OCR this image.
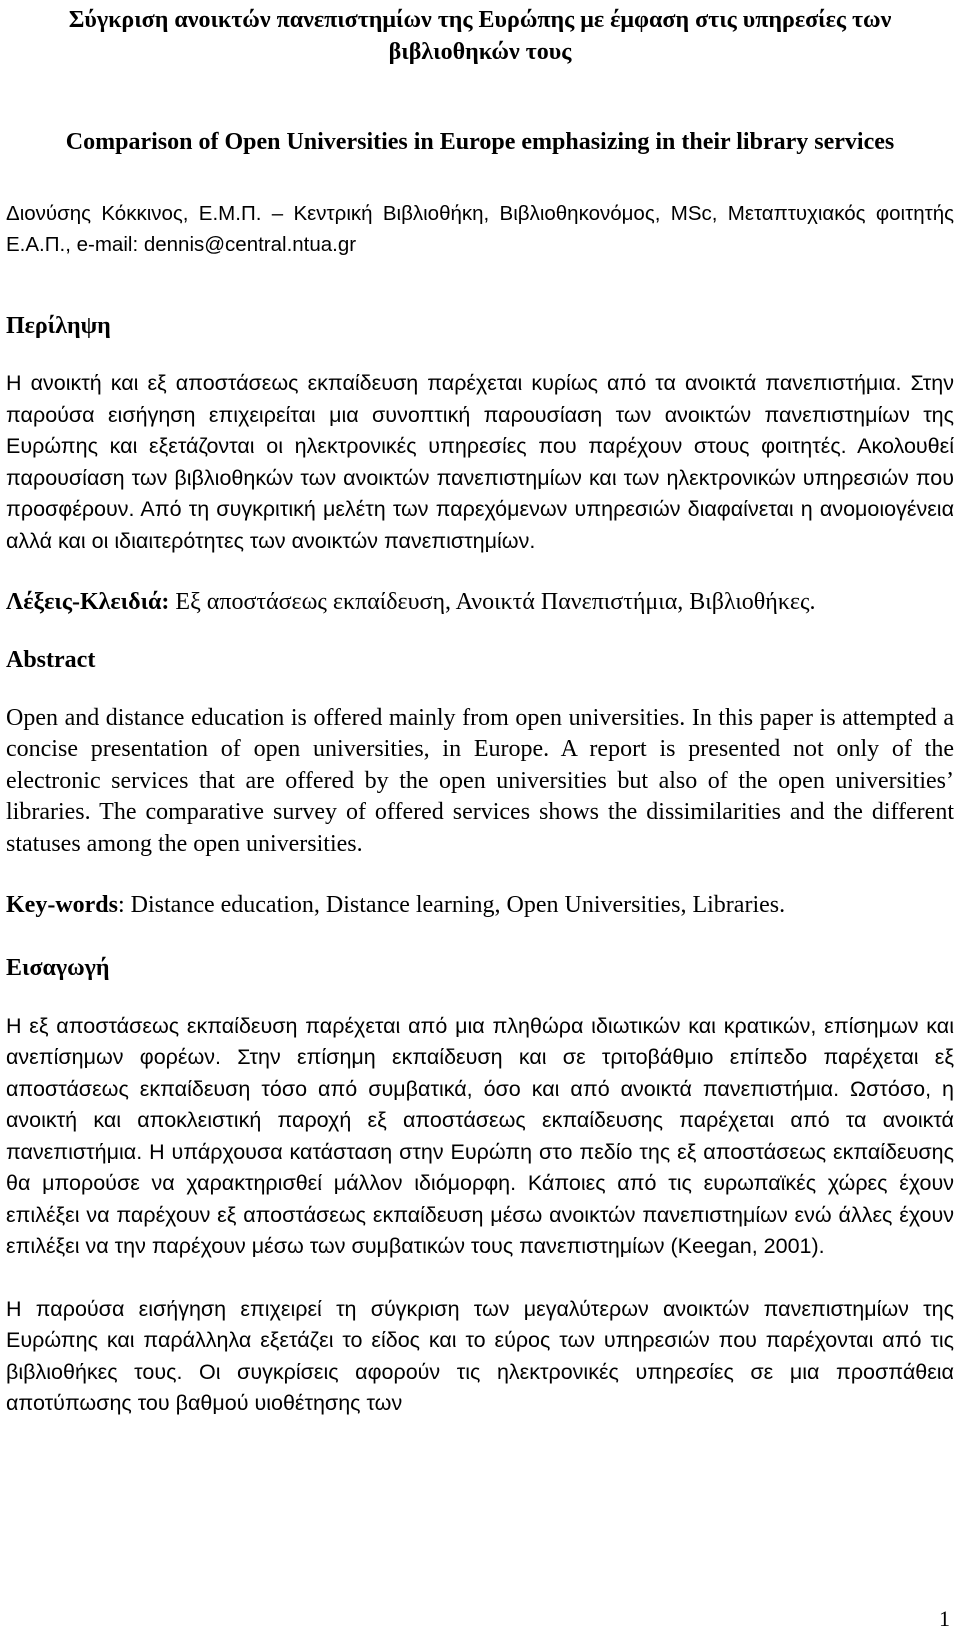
Σύγκριση ανοικτών πανεπιστημίων της Ευρώπης με έμφαση στις υπηρεσίες των βιβλιοθηκών τους
Comparison of Open Universities in Europe emphasizing in their library services

Διονύσης Κόκκινος, Ε.Μ.Π. – Κεντρική Βιβλιοθήκη, Βιβλιοθηκονόμος, MSc, Μεταπτυχιακός φοιτητής Ε.Α.Π., e-mail: dennis@central.ntua.gr

Περίληψη

Η ανοικτή και εξ αποστάσεως εκπαίδευση παρέχεται κυρίως από τα ανοικτά πανεπιστήμια. Στην παρούσα εισήγηση επιχειρείται μια συνοπτική παρουσίαση των ανοικτών πανεπιστημίων της Ευρώπης και εξετάζονται οι ηλεκτρονικές υπηρεσίες που παρέχουν στους φοιτητές. Ακολουθεί παρουσίαση των βιβλιοθηκών των ανοικτών πανεπιστημίων και των ηλεκτρονικών υπηρεσιών που προσφέρουν. Από τη συγκριτική μελέτη των παρεχόμενων υπηρεσιών διαφαίνεται η ανομοιογένεια αλλά και οι ιδιαιτερότητες των ανοικτών πανεπιστημίων.

Λέξεις-Κλειδιά: Εξ αποστάσεως εκπαίδευση, Ανοικτά Πανεπιστήμια, Βιβλιοθήκες.

Abstract

Open and distance education is offered mainly from open universities. In this paper is attempted a concise presentation of open universities, in Europe. A report is presented not only of the electronic services that are offered by the open universities but also of the open universities’ libraries. The comparative survey of offered services shows the dissimilarities and the different statuses among the open universities.

Key-words: Distance education, Distance learning, Open Universities, Libraries.

Εισαγωγή

Η εξ αποστάσεως εκπαίδευση παρέχεται από μια πληθώρα ιδιωτικών και κρατικών, επίσημων και ανεπίσημων φορέων. Στην επίσημη εκπαίδευση και σε τριτοβάθμιο επίπεδο παρέχεται εξ αποστάσεως εκπαίδευση τόσο από συμβατικά, όσο και από ανοικτά πανεπιστήμια. Ωστόσο, η ανοικτή και αποκλειστική παροχή εξ αποστάσεως εκπαίδευσης παρέχεται από τα ανοικτά πανεπιστήμια. Η υπάρχουσα κατάσταση στην Ευρώπη στο πεδίο της εξ αποστάσεως εκπαίδευσης θα μπορούσε να χαρακτηρισθεί μάλλον ιδιόμορφη. Κάποιες από τις ευρωπαϊκές χώρες έχουν επιλέξει να παρέχουν εξ αποστάσεως εκπαίδευση μέσω ανοικτών πανεπιστημίων ενώ άλλες έχουν επιλέξει να την παρέχουν μέσω των συμβατικών τους πανεπιστημίων (Keegan, 2001).

Η παρούσα εισήγηση επιχειρεί τη σύγκριση των μεγαλύτερων ανοικτών πανεπιστημίων της Ευρώπης και παράλληλα εξετάζει το είδος και το εύρος των υπηρεσιών που παρέχονται από τις βιβλιοθήκες τους. Οι συγκρίσεις αφορούν τις ηλεκτρονικές υπηρεσίες σε μια προσπάθεια αποτύπωσης του βαθμού υιοθέτησης των

1
